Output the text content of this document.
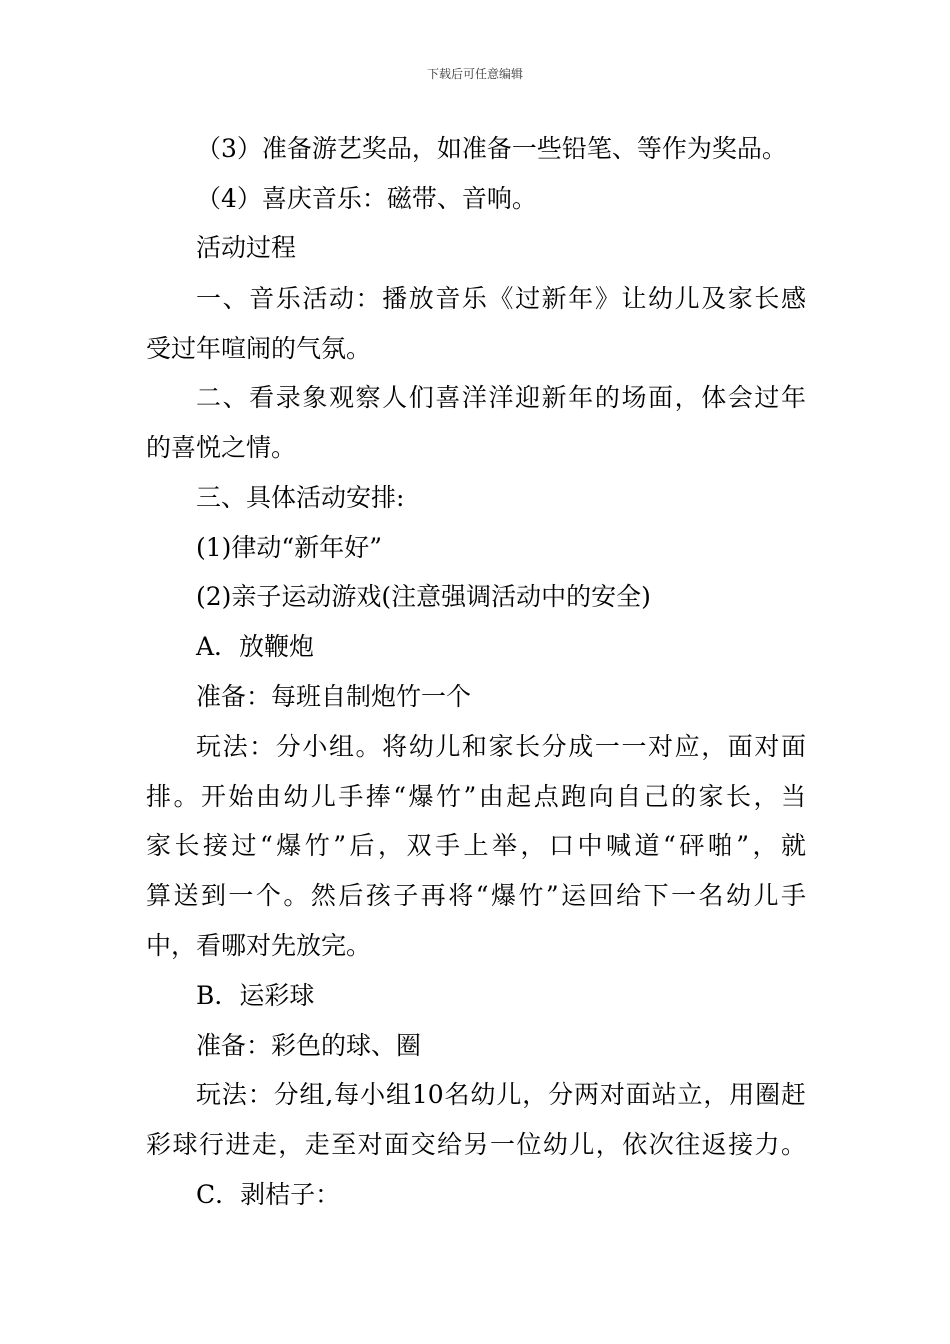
下载后可任意编辑
（3）准备游艺奖品，如准备一些铅笔、等作为奖品。
（4）喜庆音乐：磁带、音响。
活动过程
一、音乐活动：播放音乐《过新年》让幼儿及家长感
受过年喧闹的气氛。
二、看录象观察人们喜洋洋迎新年的场面，体会过年
的喜悦之情。
三、具体活动安排:
(1)律动“新年好”
(2)亲子运动游戏(注意强调活动中的安全)
A．放鞭炮
准备：每班自制炮竹一个
玩法：分小组。将幼儿和家长分成一一对应，面对面
排。开始由幼儿手捧“爆竹”由起点跑向自己的家长，当
家长接过“爆竹”后，双手上举，口中喊道“砰啪”，就
算送到一个。然后孩子再将“爆竹”运回给下一名幼儿手
中，看哪对先放完。
B．运彩球
准备：彩色的球、圈
玩法：分组,每小组10名幼儿，分两对面站立，用圈赶
彩球行进走，走至对面交给另一位幼儿，依次往返接力。
C．剥桔子：
